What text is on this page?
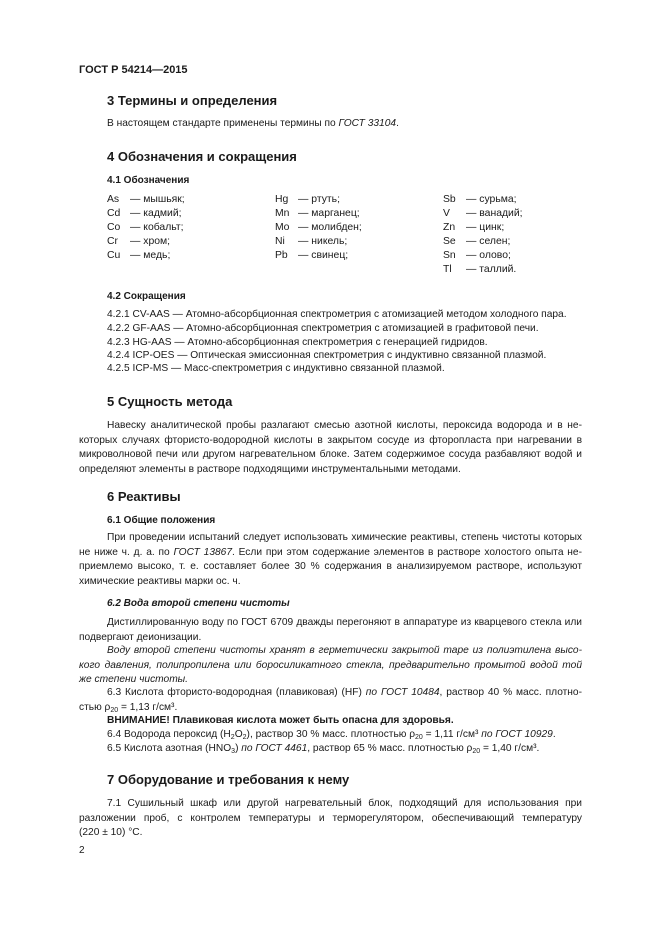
ГОСТ Р 54214—2015
3 Термины и определения
В настоящем стандарте применены термины по ГОСТ 33104.
4 Обозначения и сокращения
4.1 Обозначения
As — мышьяк;
Cd — кадмий;
Co — кобальт;
Cr — хром;
Cu — медь;
Hg — ртуть;
Mn — марганец;
Mo — молибден;
Ni — никель;
Pb — свинец;
Sb — сурьма;
V — ванадий;
Zn — цинк;
Se — селен;
Sn — олово;
Tl — таллий.
4.2 Сокращения
4.2.1 CV-AAS — Атомно-абсорбционная спектрометрия с атомизацией методом холодного пара.
4.2.2 GF-AAS — Атомно-абсорбционная спектрометрия с атомизацией в графитовой печи.
4.2.3 HG-AAS — Атомно-абсорбционная спектрометрия с генерацией гидридов.
4.2.4 ICP-OES — Оптическая эмиссионная спектрометрия с индуктивно связанной плазмой.
4.2.5 ICP-MS — Масс-спектрометрия с индуктивно связанной плазмой.
5 Сущность метода
Навеску аналитической пробы разлагают смесью азотной кислоты, пероксида водорода и в не-
которых случаях фтористо-водородной кислоты в закрытом сосуде из фторопласта при нагревании в
микроволновой печи или другом нагревательном блоке. Затем содержимое сосуда разбавляют водой и
определяют элементы в растворе подходящими инструментальными методами.
6 Реактивы
6.1 Общие положения
При проведении испытаний следует использовать химические реактивы, степень чистоты которых
не ниже ч. д. а. по ГОСТ 13867. Если при этом содержание элементов в растворе холостого опыта не-
приемлемо высоко, т. е. составляет более 30 % содержания в анализируемом растворе, используют
химические реактивы марки ос. ч.
6.2 Вода второй степени чистоты
Дистиллированную воду по ГОСТ 6709 дважды перегоняют в аппаратуре из кварцевого стекла или
подвергают деионизации.
Воду второй степени чистоты хранят в герметически закрытой таре из полиэтилена высо-
кого давления, полипропилена или боросиликатного стекла, предварительно промытой водой той
же степени чистоты.
6.3 Кислота фтористо-водородная (плавиковая) (HF) по ГОСТ 10484, раствор 40 % масс. плотно-
стью $\rho_{20} = 1,13$ г/см³.
ВНИМАНИЕ! Плавиковая кислота может быть опасна для здоровья.
6.4 Водорода пероксид $(H_2O_2)$, раствор 30 % масс. плотностью $\rho_{20} = 1,11$ г/см³ по ГОСТ 10929.
6.5 Кислота азотная $(HNO_3)$ по ГОСТ 4461, раствор 65 % масс. плотностью $\rho_{20} = 1,40$ г/см³.
7 Оборудование и требования к нему
7.1 Сушильный шкаф или другой нагревательный блок, подходящий для использования при
разложении проб, с контролем температуры и терморегулятором, обеспечивающий температуру
(220 ± 10) °С.
2
